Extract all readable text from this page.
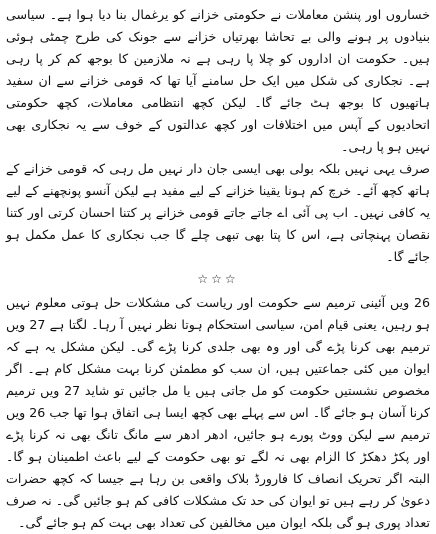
خساروں اور پنشن معاملات نے حکومتی خزانے کو یرغمال بنا دیا ہوا ہے۔ سیاسی بنیادوں پر ہونے والی بے تحاشا بھرتیاں خزانے سے جونک کی طرح چمٹی ہوئی ہیں۔ حکومت ان اداروں کو چلا پا رہی ہے نہ ملازمین کا بوجھ کم کر پا رہی ہے۔ نجکاری کی شکل میں ایک حل سامنے آیا تھا کہ قومی خزانے سے ان سفید ہاتھیوں کا بوجھ ہٹ جائے گا۔ لیکن کچھ انتظامی معاملات، کچھ حکومتی اتحادیوں کے آپس میں اختلافات اور کچھ عدالتوں کے خوف سے یہ نجکاری بھی نہیں ہو پا رہی۔

صرف یہی نہیں بلکہ بولی بھی ایسی جان دار نہیں مل رہی کہ قومی خزانے کے ہاتھ کچھ آئے۔ خرچ کم ہونا یقینا خزانے کے لیے مفید ہے لیکن آنسو پونچھنے کے لیے یہ کافی نہیں۔ اب پی آئی اے جاتے جاتے قومی خزانے پر کتنا احسان کرتی اور کتنا نقصان پہنچاتی ہے، اس کا پتا بھی تبھی چلے گا جب نجکاری کا عمل مکمل ہو جائے گا۔

☆☆☆

26 ویں آئینی ترمیم سے حکومت اور ریاست کی مشکلات حل ہوتی معلوم نہیں ہو رہیں، یعنی قیام امن، سیاسی استحکام ہوتا نظر نہیں آ رہا۔ لگتا ہے 27 ویں ترمیم بھی کرنا پڑے گی اور وہ بھی جلدی کرنا پڑے گی۔ لیکن مشکل یہ ہے کہ ایوان میں کئی جماعتیں ہیں، ان سب کو مطمئن کرنا بہت مشکل کام ہے۔ اگر مخصوص نشستیں حکومت کو مل جاتی ہیں یا مل جائیں تو شاید 27 ویں ترمیم کرنا آسان ہو جائے گا۔ اس سے پہلے بھی کچھ ایسا ہی اتفاق ہوا تھا جب 26 ویں ترمیم سے لیکن ووٹ پورے ہو جائیں، ادھر ادھر سے مانگ تانگ بھی نہ کرنا پڑے اور پکڑ دھکڑ کا الزام بھی نہ لگے تو بھی حکومت کے لیے باعث اطمینان ہو گا۔ البتہ اگر تحریک انصاف کا فارورڈ بلاک واقعی بن رہا ہے جیسا کہ کچھ حضرات دعویٰ کر رہے ہیں تو ایوان کی حد تک مشکلات کافی کم ہو جائیں گی۔ نہ صرف تعداد پوری ہو گی بلکہ ایوان میں مخالفین کی تعداد بھی بہت کم ہو جائے گی۔
